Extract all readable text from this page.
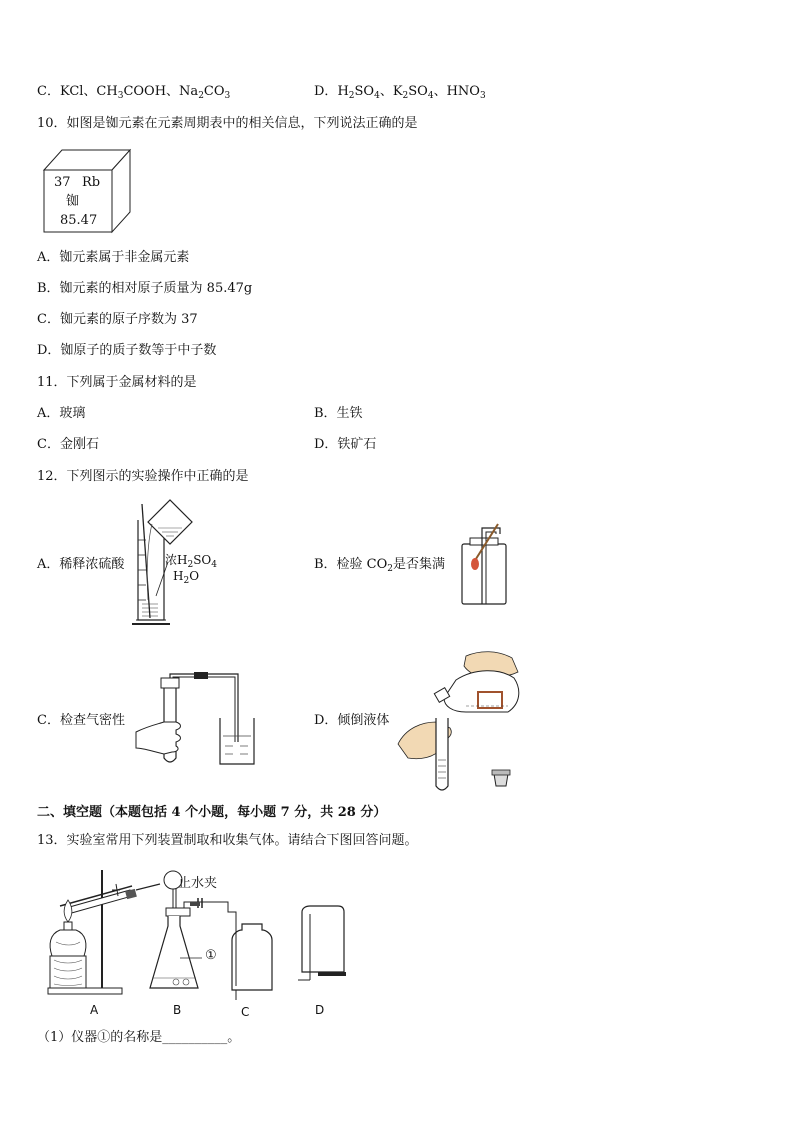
C．KCl、$CH_3COOH$、$Na_2CO_3$	D．$H_2SO_4$、$K_2SO_4$、$HNO_3$
10．如图是铷元素在元素周期表中的相关信息，下列说法正确的是
37 Rb
铷
85.47
A．铷元素属于非金属元素
B．铷元素的相对原子质量为 85.47g
C．铷元素的原子序数为 37
D．铷原子的质子数等于中子数
11．下列属于金属材料的是
A．玻璃	B．生铁
C．金刚石	D．铁矿石
12．下列图示的实验操作中正确的是
A．稀释浓硫酸	浓$H_2SO_4$
$H_2O$
B．检验 $CO_2$是否集满
C．检查气密性	D．倾倒液体
二、填空题（本题包括 4 个小题，每小题 7 分，共 28 分）
13．实验室常用下列装置制取和收集气体。请结合下图回答问题。
止水夹
①
A	B	C	D
（1）仪器①的名称是__________。
